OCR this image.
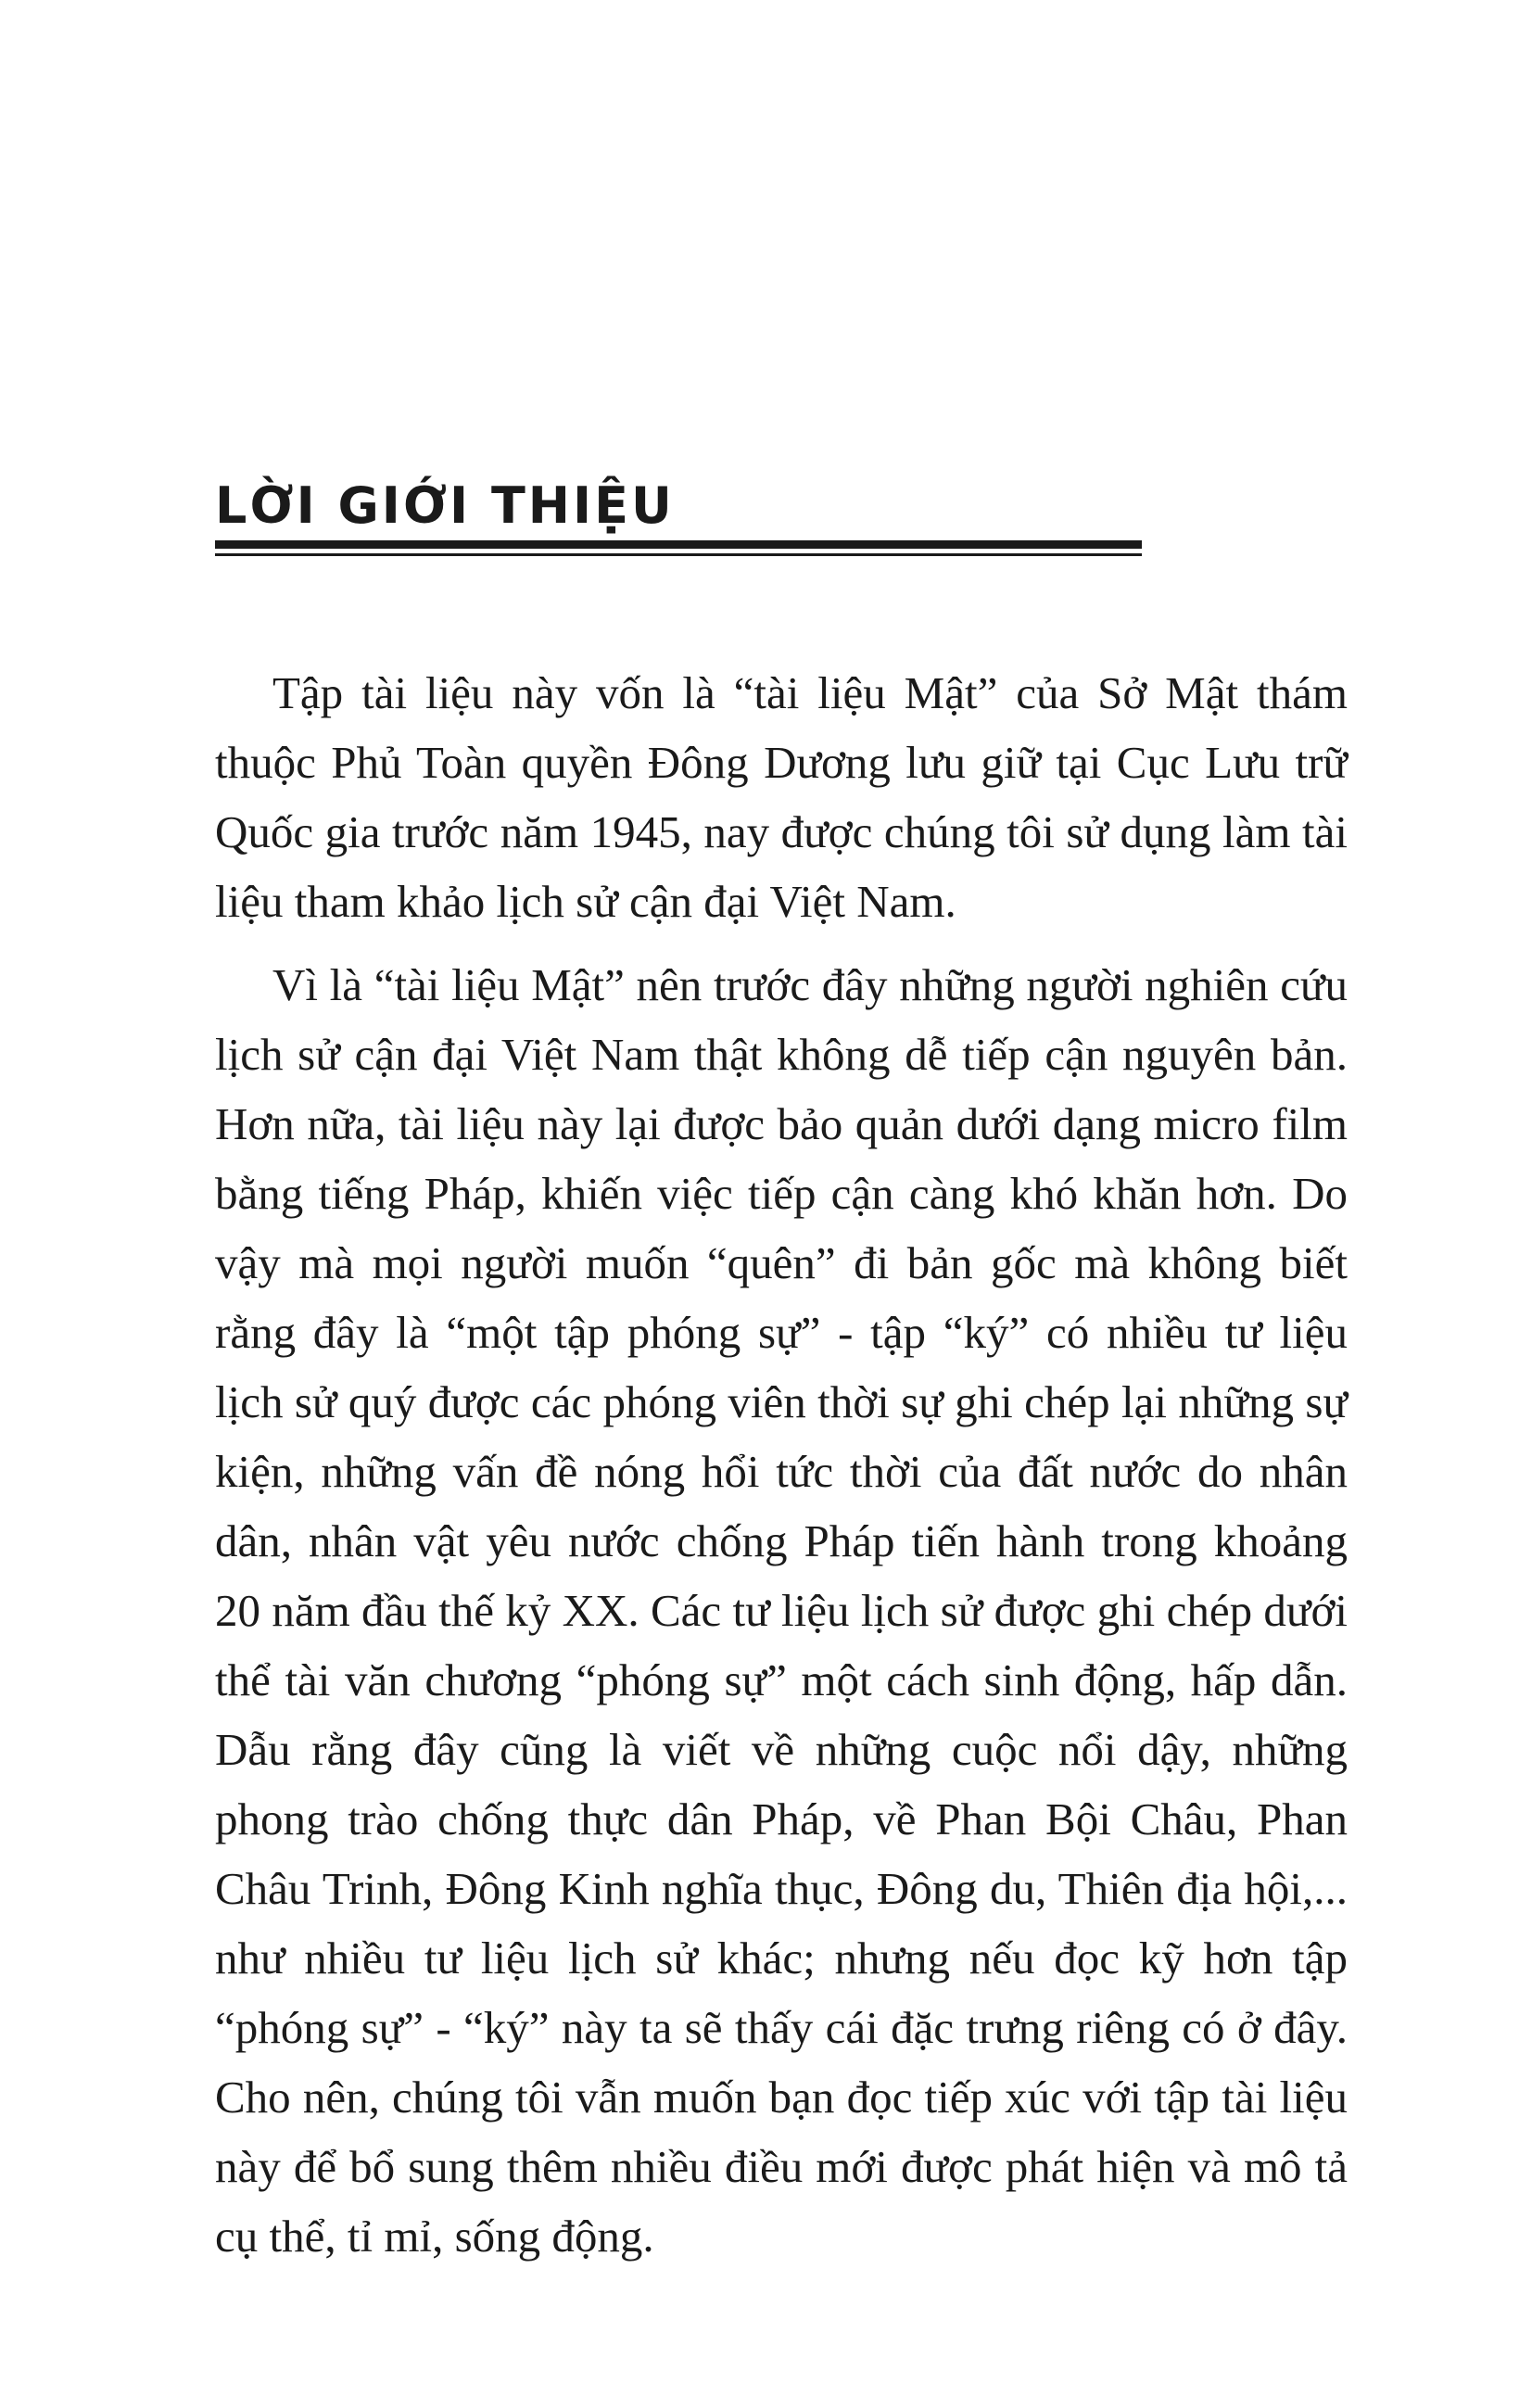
LỜI GIỚI THIỆU

Tập tài liệu này vốn là “tài liệu Mật” của Sở Mật thám thuộc Phủ Toàn quyền Đông Dương lưu giữ tại Cục Lưu trữ Quốc gia trước năm 1945, nay được chúng tôi sử dụng làm tài liệu tham khảo lịch sử cận đại Việt Nam.

Vì là “tài liệu Mật” nên trước đây những người nghiên cứu lịch sử cận đại Việt Nam thật không dễ tiếp cận nguyên bản. Hơn nữa, tài liệu này lại được bảo quản dưới dạng micro film bằng tiếng Pháp, khiến việc tiếp cận càng khó khăn hơn. Do vậy mà mọi người muốn “quên” đi bản gốc mà không biết rằng đây là “một tập phóng sự” - tập “ký” có nhiều tư liệu lịch sử quý được các phóng viên thời sự ghi chép lại những sự kiện, những vấn đề nóng hổi tức thời của đất nước do nhân dân, nhân vật yêu nước chống Pháp tiến hành trong khoảng 20 năm đầu thế kỷ XX. Các tư liệu lịch sử được ghi chép dưới thể tài văn chương “phóng sự” một cách sinh động, hấp dẫn. Dẫu rằng đây cũng là viết về những cuộc nổi dậy, những phong trào chống thực dân Pháp, về Phan Bội Châu, Phan Châu Trinh, Đông Kinh nghĩa thục, Đông du, Thiên địa hội,... như nhiều tư liệu lịch sử khác; nhưng nếu đọc kỹ hơn tập “phóng sự” - “ký” này ta sẽ thấy cái đặc trưng riêng có ở đây. Cho nên, chúng tôi vẫn muốn bạn đọc tiếp xúc với tập tài liệu này để bổ sung thêm nhiều điều mới được phát hiện và mô tả cụ thể, tỉ mỉ, sống động.
